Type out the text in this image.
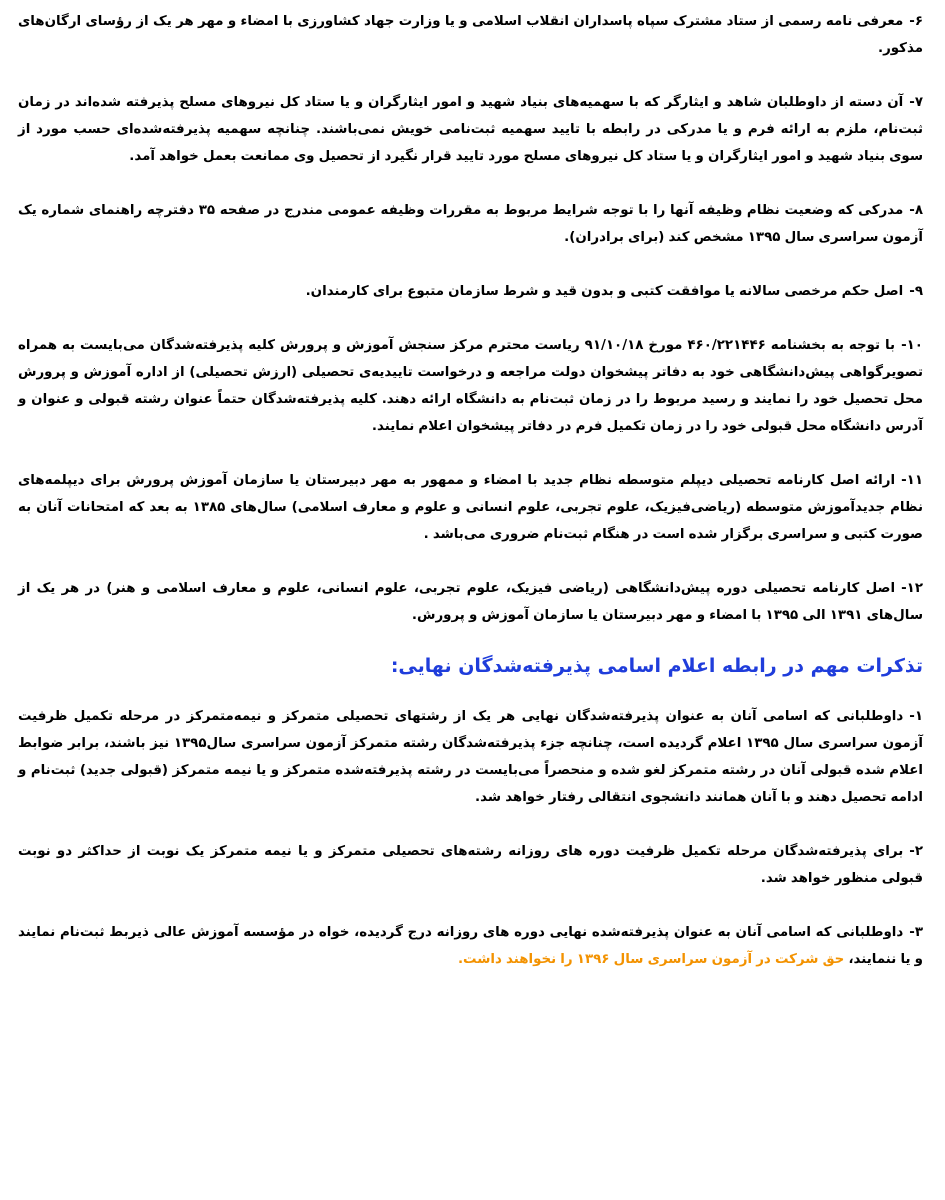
۶-معرفی نامه رسمی از ستاد مشترک سپاه پاسداران انقلاب اسلامی و یا وزارت جهاد کشاورزی با امضاء و مهر هر یک از رؤسای ارگان‌های مذکور.

۷-آن دسته از داوطلبان شاهد و ایثارگر که با سهمیه‌های بنیاد شهید و امور ایثارگران و یا ستاد کل نیروهای مسلح پذیرفته شده‌اند در زمان ثبت‌نام، ملزم به ارائه فرم و یا مدرکی در رابطه با تایید سهمیه ثبت‌نامی خویش نمی‌باشند. چنانچه سهمیه پذیرفته‌شده‌ای حسب مورد از سوی بنیاد شهید و امور ایثارگران و یا ستاد کل نیروهای مسلح مورد تایید قرار نگیرد از تحصیل وی ممانعت بعمل خواهد آمد.

۸-مدرکی که وضعیت نظام وظیفه آنها را با توجه شرایط مربوط به مقررات وظیفه عمومی مندرج در صفحه ۳۵ دفترچه راهنمای شماره یک آزمون سراسری سال ۱۳۹۵ مشخص کند (برای برادران).

۹-اصل حکم مرخصی سالانه یا موافقت کتبی و بدون قید و شرط سازمان متبوع برای کارمندان.

۱۰-با توجه به بخشنامه ۴۶۰/۲۲۱۴۴۶ مورخ ۹۱/۱۰/۱۸ ریاست محترم مرکز سنجش آموزش و پرورش کلیه پذیرفته‌شدگان می‌بایست به همراه تصویرگواهی پیش‌دانشگاهی خود به دفاتر پیشخوان دولت مراجعه و درخواست تاییدیه‌ی تحصیلی (ارزش تحصیلی) از اداره آموزش و پرورش محل تحصیل خود را نمایند و رسید مربوط را در زمان ثبت‌نام به دانشگاه ارائه دهند. کلیه پذیرفته‌شدگان حتماً عنوان رشته قبولی و عنوان و آدرس دانشگاه محل قبولی خود را در زمان تکمیل فرم در دفاتر پیشخوان اعلام نمایند.

۱۱-ارائه اصل کارنامه تحصیلی دیپلم متوسطه نظام جدید با امضاء و ممهور به مهر دبیرستان یا سازمان آموزش پرورش برای دیپلمه‌های نظام جدیدآموزش متوسطه (ریاضی‌فیزیک، علوم تجربی، علوم انسانی و علوم و معارف اسلامی) سال‌های ۱۳۸۵ به بعد که امتحانات آنان به صورت کتبی و سراسری برگزار شده است در هنگام ثبت‌نام ضروری می‌باشد .

۱۲-اصل کارنامه تحصیلی دوره پیش‌دانشگاهی (ریاضی فیزیک، علوم تجربی، علوم انسانی، علوم و معارف اسلامی و هنر) در هر یک از سال‌های ۱۳۹۱ الی ۱۳۹۵ با امضاء و مهر دبیرستان یا سازمان آموزش و پرورش.

تذکرات مهم در رابطه اعلام اسامی پذیرفته‌شدگان نهایی:

۱-داوطلبانی که اسامی آنان به عنوان پذیرفته‌شدگان نهایی هر یک از رشتهای تحصیلی متمرکز و نیمه‌متمرکز در مرحله تکمیل ظرفیت آزمون سراسری سال ۱۳۹۵ اعلام گردیده است، چنانچه جزء پذیرفته‌شدگان رشته متمرکز آزمون سراسری سال۱۳۹۵ نیز باشند، برابر ضوابط اعلام شده قبولی آنان در رشته متمرکز لغو شده و منحصراً می‌بایست در رشته پذیرفته‌شده متمرکز و یا نیمه متمرکز (قبولی جدید) ثبت‌نام و ادامه تحصیل دهند و با آنان همانند دانشجوی انتقالی رفتار خواهد شد.

۲-برای پذیرفته‌شدگان مرحله تکمیل ظرفیت دوره های روزانه رشته‌های تحصیلی متمرکز و یا نیمه متمرکز یک نوبت از حداکثر دو نوبت قبولی منظور خواهد شد.

۳-داوطلبانی که اسامی آنان به عنوان پذیرفته‌شده نهایی دوره های روزانه درج گردیده، خواه در مؤسسه آموزش عالی ذیربط ثبت‌نام نمایند و یا ننمایند، حق شرکت در آزمون سراسری سال ۱۳۹۶ را نخواهند داشت.
